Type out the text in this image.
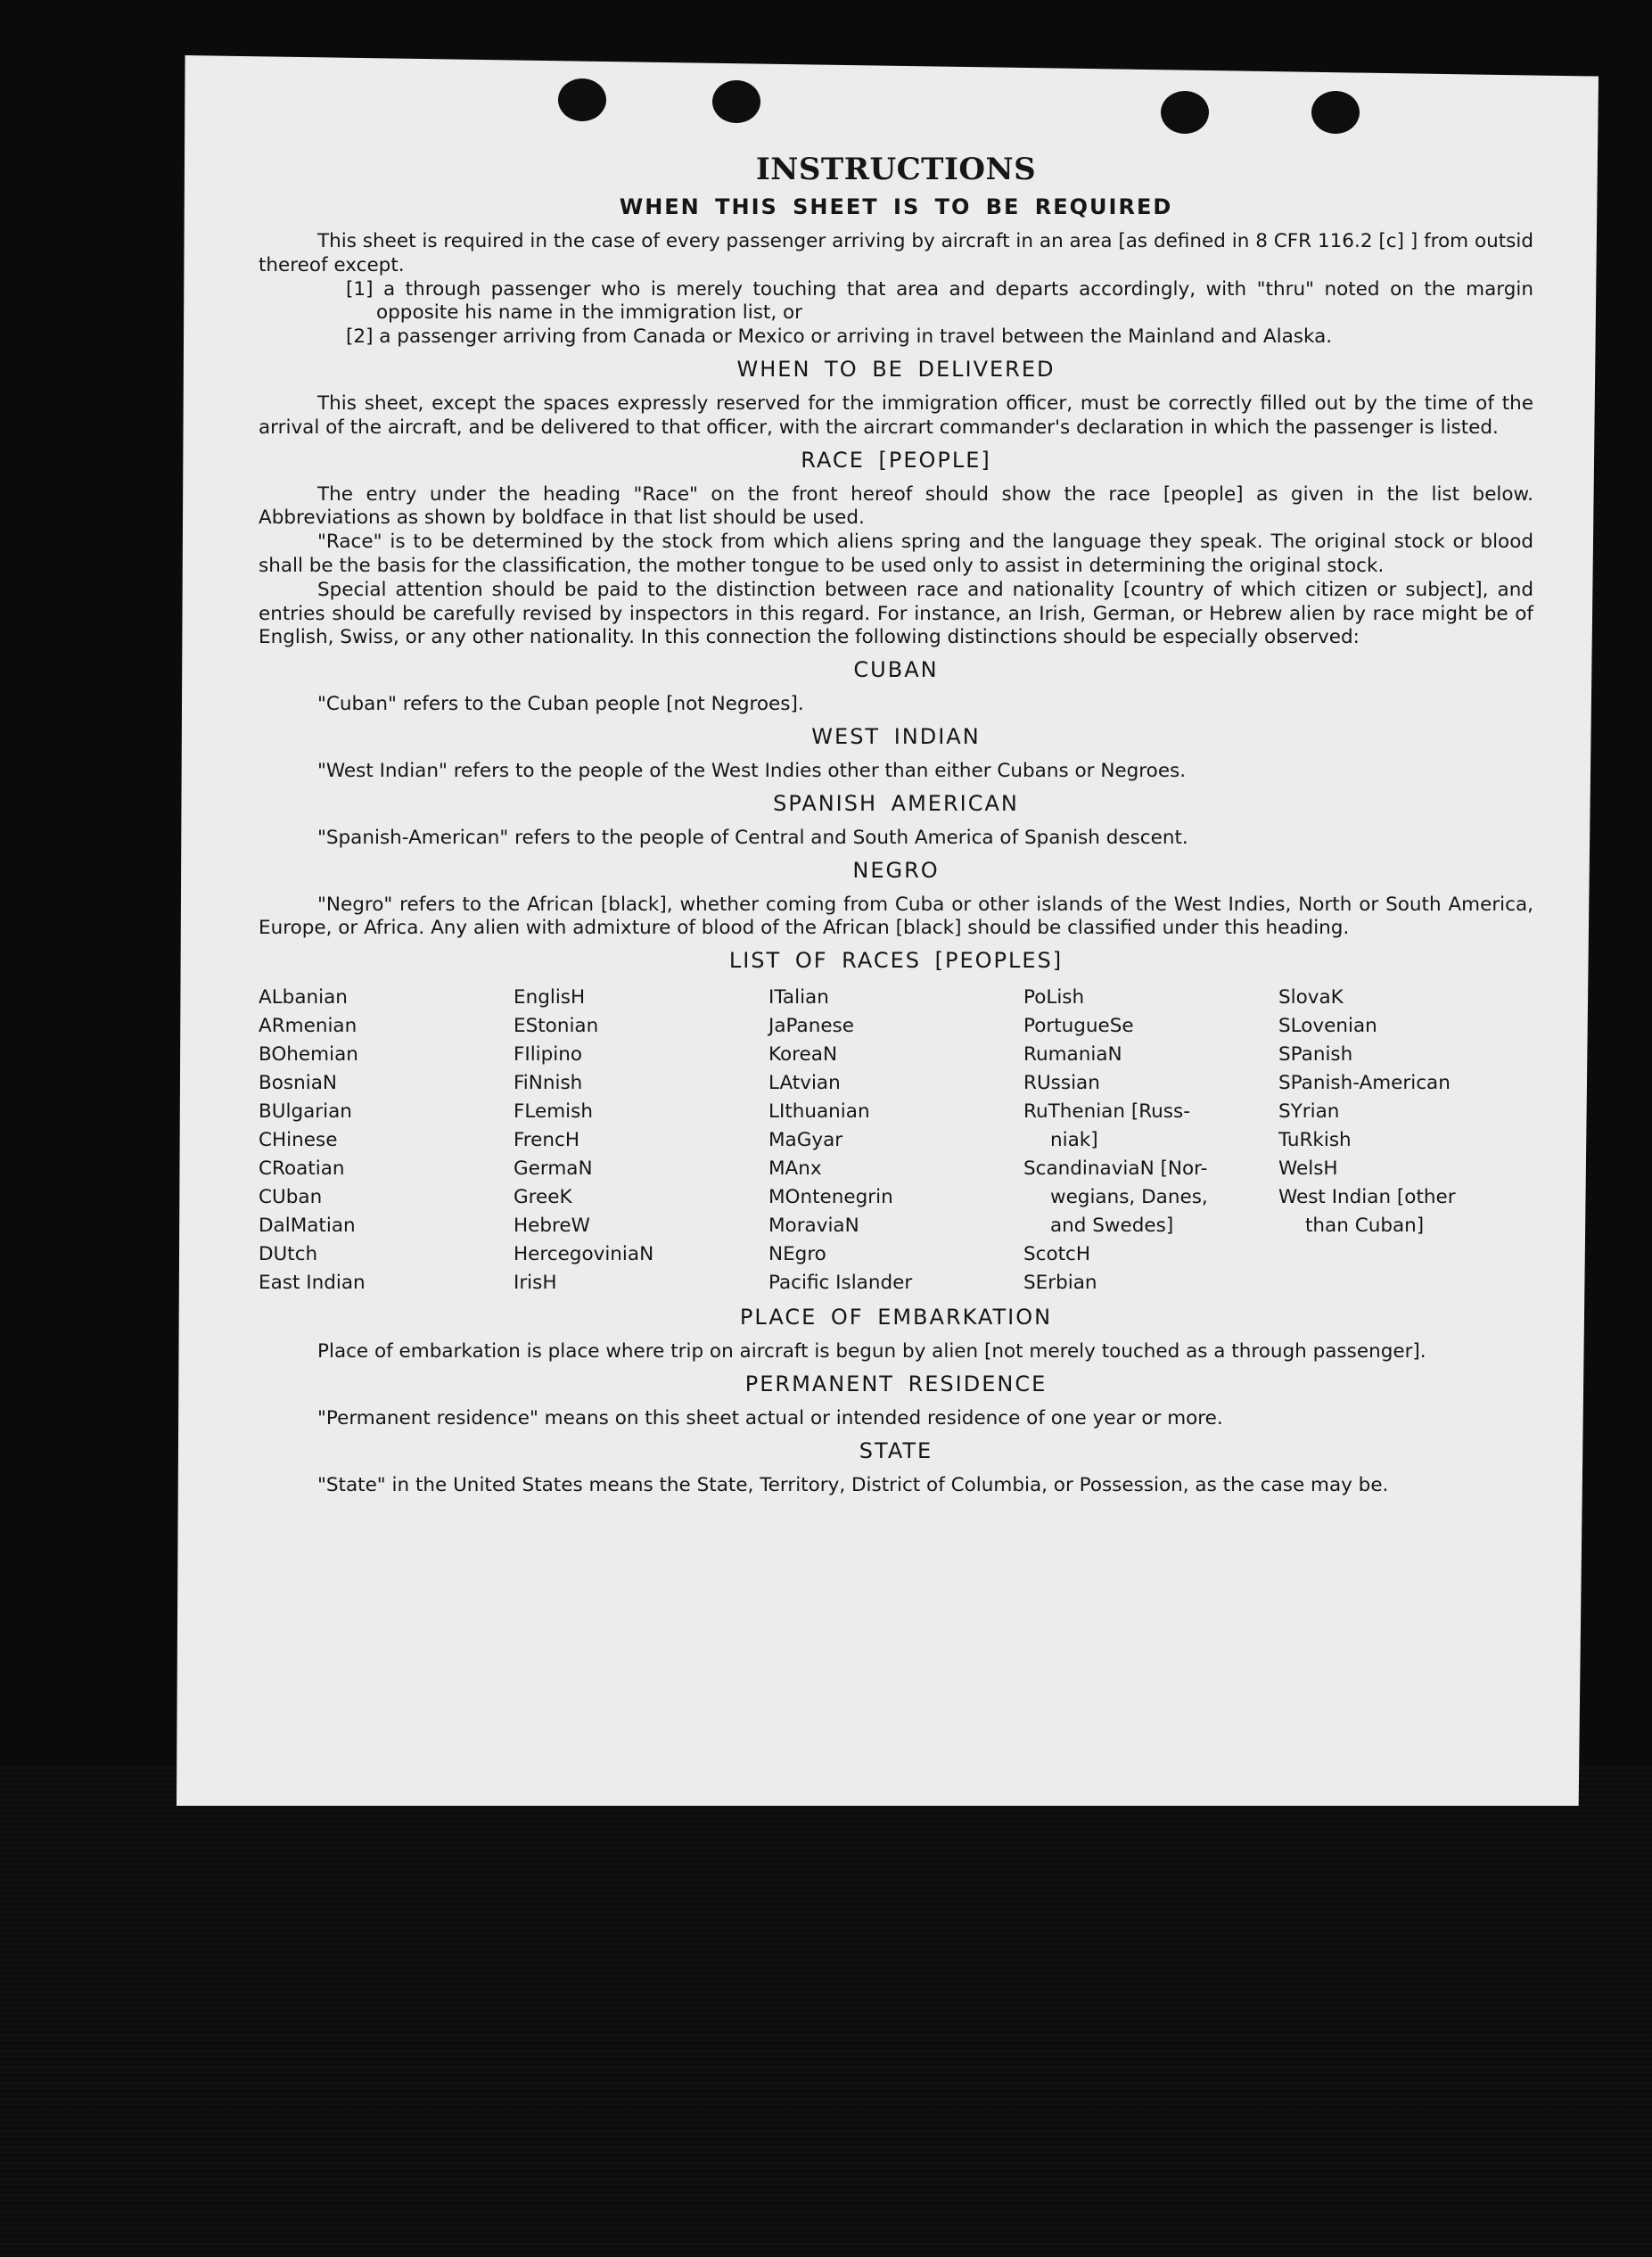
INSTRUCTIONS
WHEN THIS SHEET IS TO BE REQUIRED

This sheet is required in the case of every passenger arriving by aircraft in an area [as defined in 8 CFR 116.2 [c] ] from outsid thereof except.

[1] a through passenger who is merely touching that area and departs accordingly, with "thru" noted on the margin opposite his name in the immigration list, or

[2] a passenger arriving from Canada or Mexico or arriving in travel between the Mainland and Alaska.

WHEN TO BE DELIVERED

This sheet, except the spaces expressly reserved for the immigration officer, must be correctly filled out by the time of the arrival of the aircraft, and be delivered to that officer, with the aircrart commander's declaration in which the passenger is listed.

RACE [PEOPLE]

The entry under the heading "Race" on the front hereof should show the race [people] as given in the list below. Abbreviations as shown by boldface in that list should be used.

"Race" is to be determined by the stock from which aliens spring and the language they speak. The original stock or blood shall be the basis for the classification, the mother tongue to be used only to assist in determining the original stock.

Special attention should be paid to the distinction between race and nationality [country of which citizen or subject], and entries should be carefully revised by inspectors in this regard. For instance, an Irish, German, or Hebrew alien by race might be of English, Swiss, or any other nationality. In this connection the following distinctions should be especially observed:

CUBAN

"Cuban" refers to the Cuban people [not Negroes].

WEST INDIAN

"West Indian" refers to the people of the West Indies other than either Cubans or Negroes.

SPANISH AMERICAN

"Spanish-American" refers to the people of Central and South America of Spanish descent.

NEGRO

"Negro" refers to the African [black], whether coming from Cuba or other islands of the West Indies, North or South America, Europe, or Africa. Any alien with admixture of blood of the African [black] should be classified under this heading.

LIST OF RACES [PEOPLES]
ALbanian
ARmenian
BOhemian
BosniaN
BUlgarian
CHinese
CRoatian
CUban
DalMatian
DUtch
East Indian
EnglisH
EStonian
FIlipino
FiNnish
FLemish
FrencH
GermaN
GreeK
HebreW
HercegoviniaN
IrisH
ITalian
JaPanese
KoreaN
LAtvian
LIthuanian
MaGyar
MAnx
MOntenegrin
MoraviaN
NEgro
Pacific Islander
PoLish
PortugueSe
RumaniaN
RUssian
RuThenian [Russ-
niak]
ScandinaviaN [Nor-
wegians, Danes,
and Swedes]
ScotcH
SErbian
SlovaK
SLovenian
SPanish
SPanish-American
SYrian
TuRkish
WelsH
West Indian [other
than Cuban]
PLACE OF EMBARKATION

Place of embarkation is place where trip on aircraft is begun by alien [not merely touched as a through passenger].

PERMANENT RESIDENCE

"Permanent residence" means on this sheet actual or intended residence of one year or more.

STATE

"State" in the United States means the State, Territory, District of Columbia, or Possession, as the case may be.
